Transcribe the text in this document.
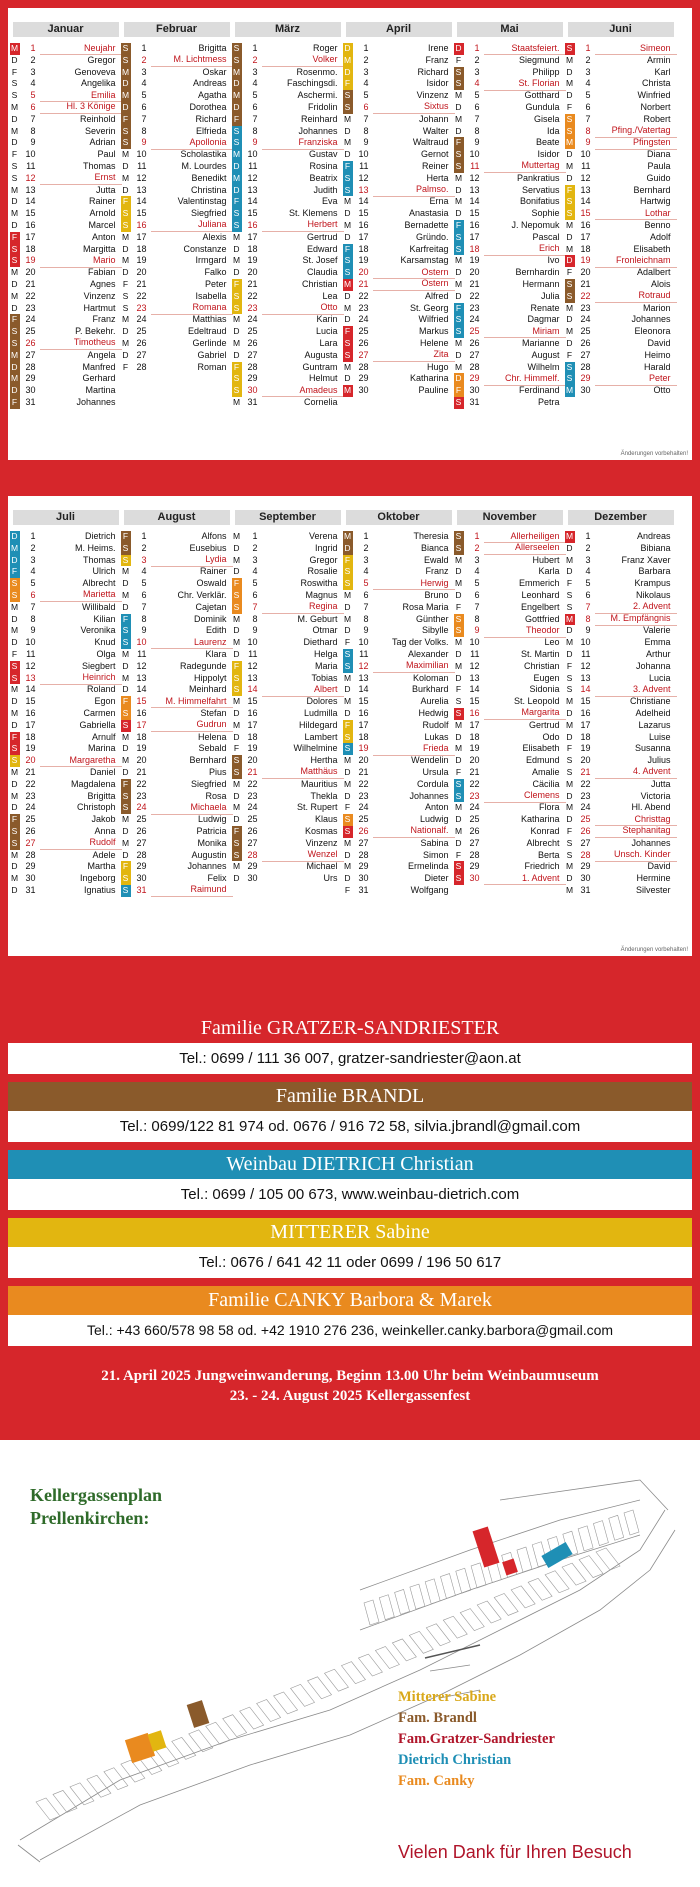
Januar
M	1	Neujahr
D	2	Gregor
F	3	Genoveva
S	4	Angelika
S	5	Emilia
M	6	Hl. 3 Könige
D	7	Reinhold
M	8	Severin
D	9	Adrian
F 10	Paul
S 11	Thomas
S 12	Ernst
M 13	Jutta
D 14	Rainer
M 15	Arnold
D 16	Marcel
F 17	Anton
S 18	Margitta
S 19	Mario
M 20	Fabian
D 21	Agnes
M 22	Vinzenz
D 23	Hartmut
F 24	Franz
S 25	P. Bekehr.
S 26	Timotheus
M 27	Angela
D 28	Manfred
M 29	Gerhard
D 30	Martina
F 31	Johannes
Februar
S	1	Brigitta
S	2	M. Lichtmess
M	3	Oskar
D	4	Andreas
M	5	Agatha
D	6	Dorothea
F	7	Richard
S	8	Elfrieda
S	9	Apollonia
M 10	Scholastika
D 11	M. Lourdes
M 12	Benedikt
D 13	Christina
F 14	Valentinstag
S 15	Siegfried
S 16	Juliana
M 17	Alexis
D 18	Constanze
M 19	Irmgard
D 20	Falko
F 21	Peter
S 22	Isabella
S 23	Romana
M 24	Matthias
D 25	Edeltraud
M 26	Gerlinde
D 27	Gabriel
F 28	Roman
März
S	1	Roger
S	2	Volker
M	3	Rosenmo.
D	4	Faschingsdi.
M	5	Aschermi.
D	6	Fridolin
F	7	Reinhard
S	8	Johannes
S	9	Franziska
M 10	Gustav
D 11	Rosina
M 12	Beatrix
D 13	Judith
F 14	Eva
S 15	St. Klemens
S 16	Herbert
M 17	Gertrud
D 18	Edward
M 19	St. Josef
D 20	Claudia
F 21	Christian
S 22	Lea
S 23	Otto
M 24	Karin
D 25	Lucia
M 26	Lara
D 27	Augusta
F 28	Guntram
S 29	Helmut
S 30	Amadeus
M 31	Cornelia
April
D	1	Irene
M	2	Franz
D	3	Richard
F	4	Isidor
S	5	Vinzenz
S	6	Sixtus
M	7	Johann
D	8	Walter
M	9	Waltraud
D 10	Gernot
F	11	Reiner
S 12	Herta
S 13	Palmso.
M 14	Erna
D 15	Anastasia
M 16	Bernadette
D 17	Gründo.
F 18	Karfreitag
S 19	Karsamstag
S 20	Ostern
M 21	Ostern
D 22	Alfred
M 23	St. Georg
D 24	Wilfried
F 25	Markus
S 26	Helene
S 27	Zita
M 28	Hugo
D 29	Katharina
M 30	Pauline
Mai
D	1	Staatsfeiert.
F	2	Siegmund
S	3	Philipp
S	4	St. Florian
M	5	Gotthard
D	6	Gundula
M	7	Gisela
D	8	Ida
F	9	Beate
S 10	Isidor
S 11	Muttertag
M 12	Pankratius
D 13	Servatius
M 14	Bonifatius
D 15	Sophie
F 16	J. Nepomuk
S 17	Pascal
S 18	Erich
M 19	Ivo
D 20	Bernhardin
M 21	Hermann
D 22	Julia
F 23	Renate
S 24	Dagmar
S 25	Miriam
M 26	Marianne
D 27	August
M 28	Wilhelm
D 29	Chr. Himmelf.
F 30	Ferdinand
S 31	Petra
Juni
S	1	Simeon
M	2	Armin
D	3	Karl
M	4	Christa
D	5	Winfried
F	6	Norbert
S	7	Robert
S	8	Pfing./Vatertag
M	9	Pfingsten
D 10	Diana
M 11	Paula
D 12	Guido
F 13	Bernhard
S 14	Hartwig
S 15	Lothar
M 16	Benno
D 17	Adolf
M 18	Elisabeth
D 19	Fronleichnam
F 20	Adalbert
S 21	Alois
S 22	Rotraud
M 23	Marion
D 24	Johannes
M 25	Eleonora
D 26	David
F 27	Heimo
S 28	Harald
S 29	Peter
M 30	Otto
Änderungen vorbehalten!
Juli
D	1	Dietrich
M	2	M. Heims.
D	3	Thomas
F	4	Ulrich
S	5	Albrecht
S	6	Marietta
M	7	Willibald
D	8	Kilian
M	9	Veronika
D 10	Knud
F	11	Olga
S 12	Siegbert
S 13	Heinrich
M 14	Roland
D 15	Egon
M 16	Carmen
D 17	Gabriella
F 18	Arnulf
S 19	Marina
S 20	Margaretha
M 21	Daniel
D 22	Magdalena
M 23	Brigitta
D 24	Christoph
F 25	Jakob
S 26	Anna
S 27	Rudolf
M 28	Adele
D 29	Martha
M 30	Ingeborg
D 31	Ignatius
August
F	1	Alfons
S	2	Eusebius
S	3	Lydia
M	4	Rainer
D	5	Oswald
M	6	Chr. Verklär.
D	7	Cajetan
F	8	Dominik
S	9	Edith
S 10	Laurenz
M 11	Klara
D 12	Radegunde
M 13	Hippolyt
D 14	Meinhard
F 15	M. Himmelfahrt
S 16	Stefan
S 17	Gudrun
M 18	Helena
D 19	Sebald
M 20	Bernhard
D 21	Pius
F 22	Siegfried
S 23	Rosa
S 24	Michaela
M 25	Ludwig
D 26	Patricia
M 27	Monika
D 28	Augustin
F 29	Johannes
S 30	Felix
S 31	Raimund
September
M	1	Verena
D	2	Ingrid
M	3	Gregor
D	4	Rosalie
F	5	Roswitha
S	6	Magnus
S	7	Regina
M	8	M. Geburt
D	9	Otmar
M 10	Diethard
D 11	Helga
F 12	Maria
S 13	Tobias
S 14	Albert
M 15	Dolores
D 16	Ludmilla
M 17	Hildegard
D 18	Lambert
F 19	Wilhelmine
S 20	Hertha
S 21	Matthäus
M 22	Mauritius
D 23	Thekla
M 24	St. Rupert
D 25	Klaus
F 26	Kosmas
S 27	Vinzenz
S 28	Wenzel
M 29	Michael
D 30	Urs
Oktober
M	1	Theresia
D	2	Bianca
F	3	Ewald
S	4	Franz
S	5	Herwig
M	6	Bruno
D	7	Rosa Maria
M	8	Günther
D	9	Sibylle
F 10	Tag der Volks.
S 11	Alexander
S 12	Maximilian
M 13	Koloman
D 14	Burkhard
M 15	Aurelia
D 16	Hedwig
F 17	Rudolf
S 18	Lukas
S 19	Frieda
M 20	Wendelin
D 21	Ursula
M 22	Cordula
D 23	Johannes
F 24	Anton
S 25	Ludwig
S 26	Nationalf.
M 27	Sabina
D 28	Simon
M 29	Ermelinda
D 30	Dieter
F 31	Wolfgang
November
S	1	Allerheiligen
S	2	Allerseelen
M	3	Hubert
D	4	Karla
M	5	Emmerich
D	6	Leonhard
F	7	Engelbert
S	8	Gottfried
S	9	Theodor
M 10	Leo
D 11	St. Martin
M 12	Christian
D 13	Eugen
F 14	Sidonia
S 15	St. Leopold
S 16	Margarita
M 17	Gertrud
D 18	Odo
M 19	Elisabeth
D 20	Edmund
F 21	Amalie
S 22	Cäcilia
S 23	Clemens
M 24	Flora
D 25	Katharina
M 26	Konrad
D 27	Albrecht
F 28	Berta
S 29	Friedrich
S 30	1. Advent
Dezember
M	1	Andreas
D	2	Bibiana
M	3	Franz Xaver
D	4	Barbara
F	5	Krampus
S	6	Nikolaus
S	7	2. Advent
M	8	M. Empfängnis
D	9	Valerie
M 10	Emma
D 11	Arthur
F 12	Johanna
S 13	Lucia
S 14	3. Advent
M 15	Christiane
D 16	Adelheid
M 17	Lazarus
D 18	Luise
F 19	Susanna
S 20	Julius
S 21	4. Advent
M 22	Jutta
D 23	Victoria
M 24	Hl. Abend
D 25	Christtag
F 26	Stephanitag
S 27	Johannes
S 28	Unsch. Kinder
M 29	David
D 30	Hermine
M 31	Silvester
Änderungen vorbehalten!
Familie GRATZER-SANDRIESTER
Tel.: 0699 / 111 36 007, gratzer-sandriester@aon.at
Familie BRANDL
Tel.: 0699/122 81 974 od. 0676 / 916 72 58, silvia.jbrandl@gmail.com
Weinbau DIETRICH Christian
Tel.: 0699 / 105 00 673, www.weinbau-dietrich.com
MITTERER Sabine
Tel.: 0676 / 641 42 11 oder 0699 / 196 50 617
Familie CANKY Barbora & Marek
Tel.: +43 660/578 98 58 od. +42 1910 276 236, weinkeller.canky.barbora@gmail.com
21. April 2025 Jungweinwanderung, Beginn 13.00 Uhr beim Weinbaumuseum
23. - 24. August 2025 Kellergassenfest
Kellergassenplan
Prellenkirchen:
Mitterer Sabine
Fam. Brandl
Fam.Gratzer-Sandriester
Dietrich Christian
Fam. Canky
Vielen Dank für Ihren Besuch
